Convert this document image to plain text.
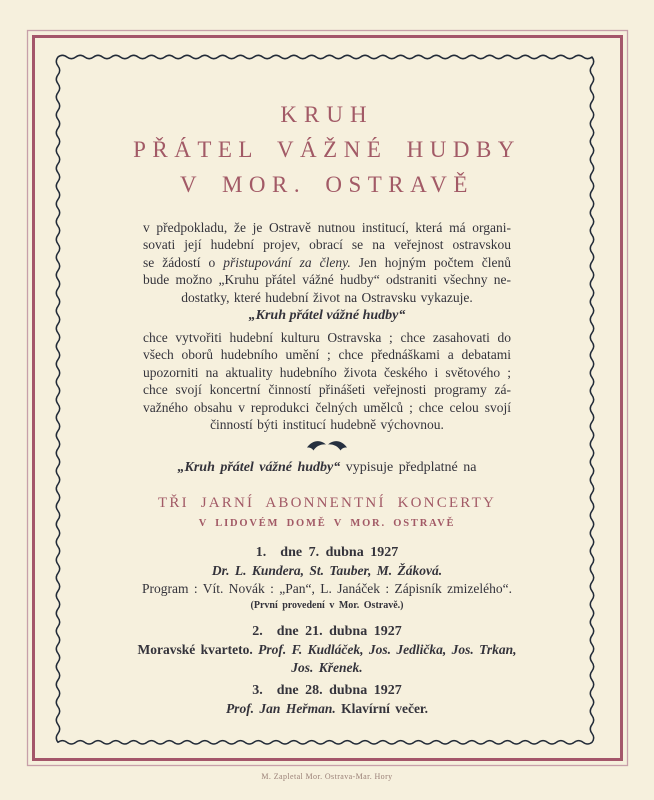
KRUH
PŘÁTEL VÁŽNÉ HUDBY
V MOR. OSTRAVĚ
v předpokladu, že je Ostravě nutnou institucí, která má organi-
sovati její hudební projev, obrací se na veřejnost ostravskou
se žádostí o přistupování za členy. Jen hojným počtem členů
bude možno „Kruhu přátel vážné hudby“ odstraniti všechny ne-
dostatky, které hudební život na Ostravsku vykazuje.
„Kruh přátel vážné hudby“
chce vytvořiti hudební kulturu Ostravska ; chce zasahovati do
všech oborů hudebního umění ; chce přednáškami a debatami
upozorniti na aktuality hudebního života českého i světového ;
chce svojí koncertní činností přinášeti veřejnosti programy zá-
važného obsahu v reprodukci čelných umělců ; chce celou svojí
činností býti institucí hudebně výchovnou.
„Kruh přátel vážné hudby“ vypisuje předplatné na
TŘI JARNÍ ABONNENTNÍ KONCERTY
V LIDOVÉM DOMĚ V MOR. OSTRAVĚ
1. dne 7. dubna 1927
Dr. L. Kundera, St. Tauber, M. Žáková.
Program : Vít. Novák : „Pan“, L. Janáček : Zápisník zmizelého“.
(První provedení v Mor. Ostravě.)
2. dne 21. dubna 1927
Moravské kvarteto. Prof. F. Kudláček, Jos. Jedlička, Jos. Trkan,
Jos. Křenek.
3. dne 28. dubna 1927
Prof. Jan Heřman. Klavírní večer.
M. Zapletal Mor. Ostrava-Mar. Hory
